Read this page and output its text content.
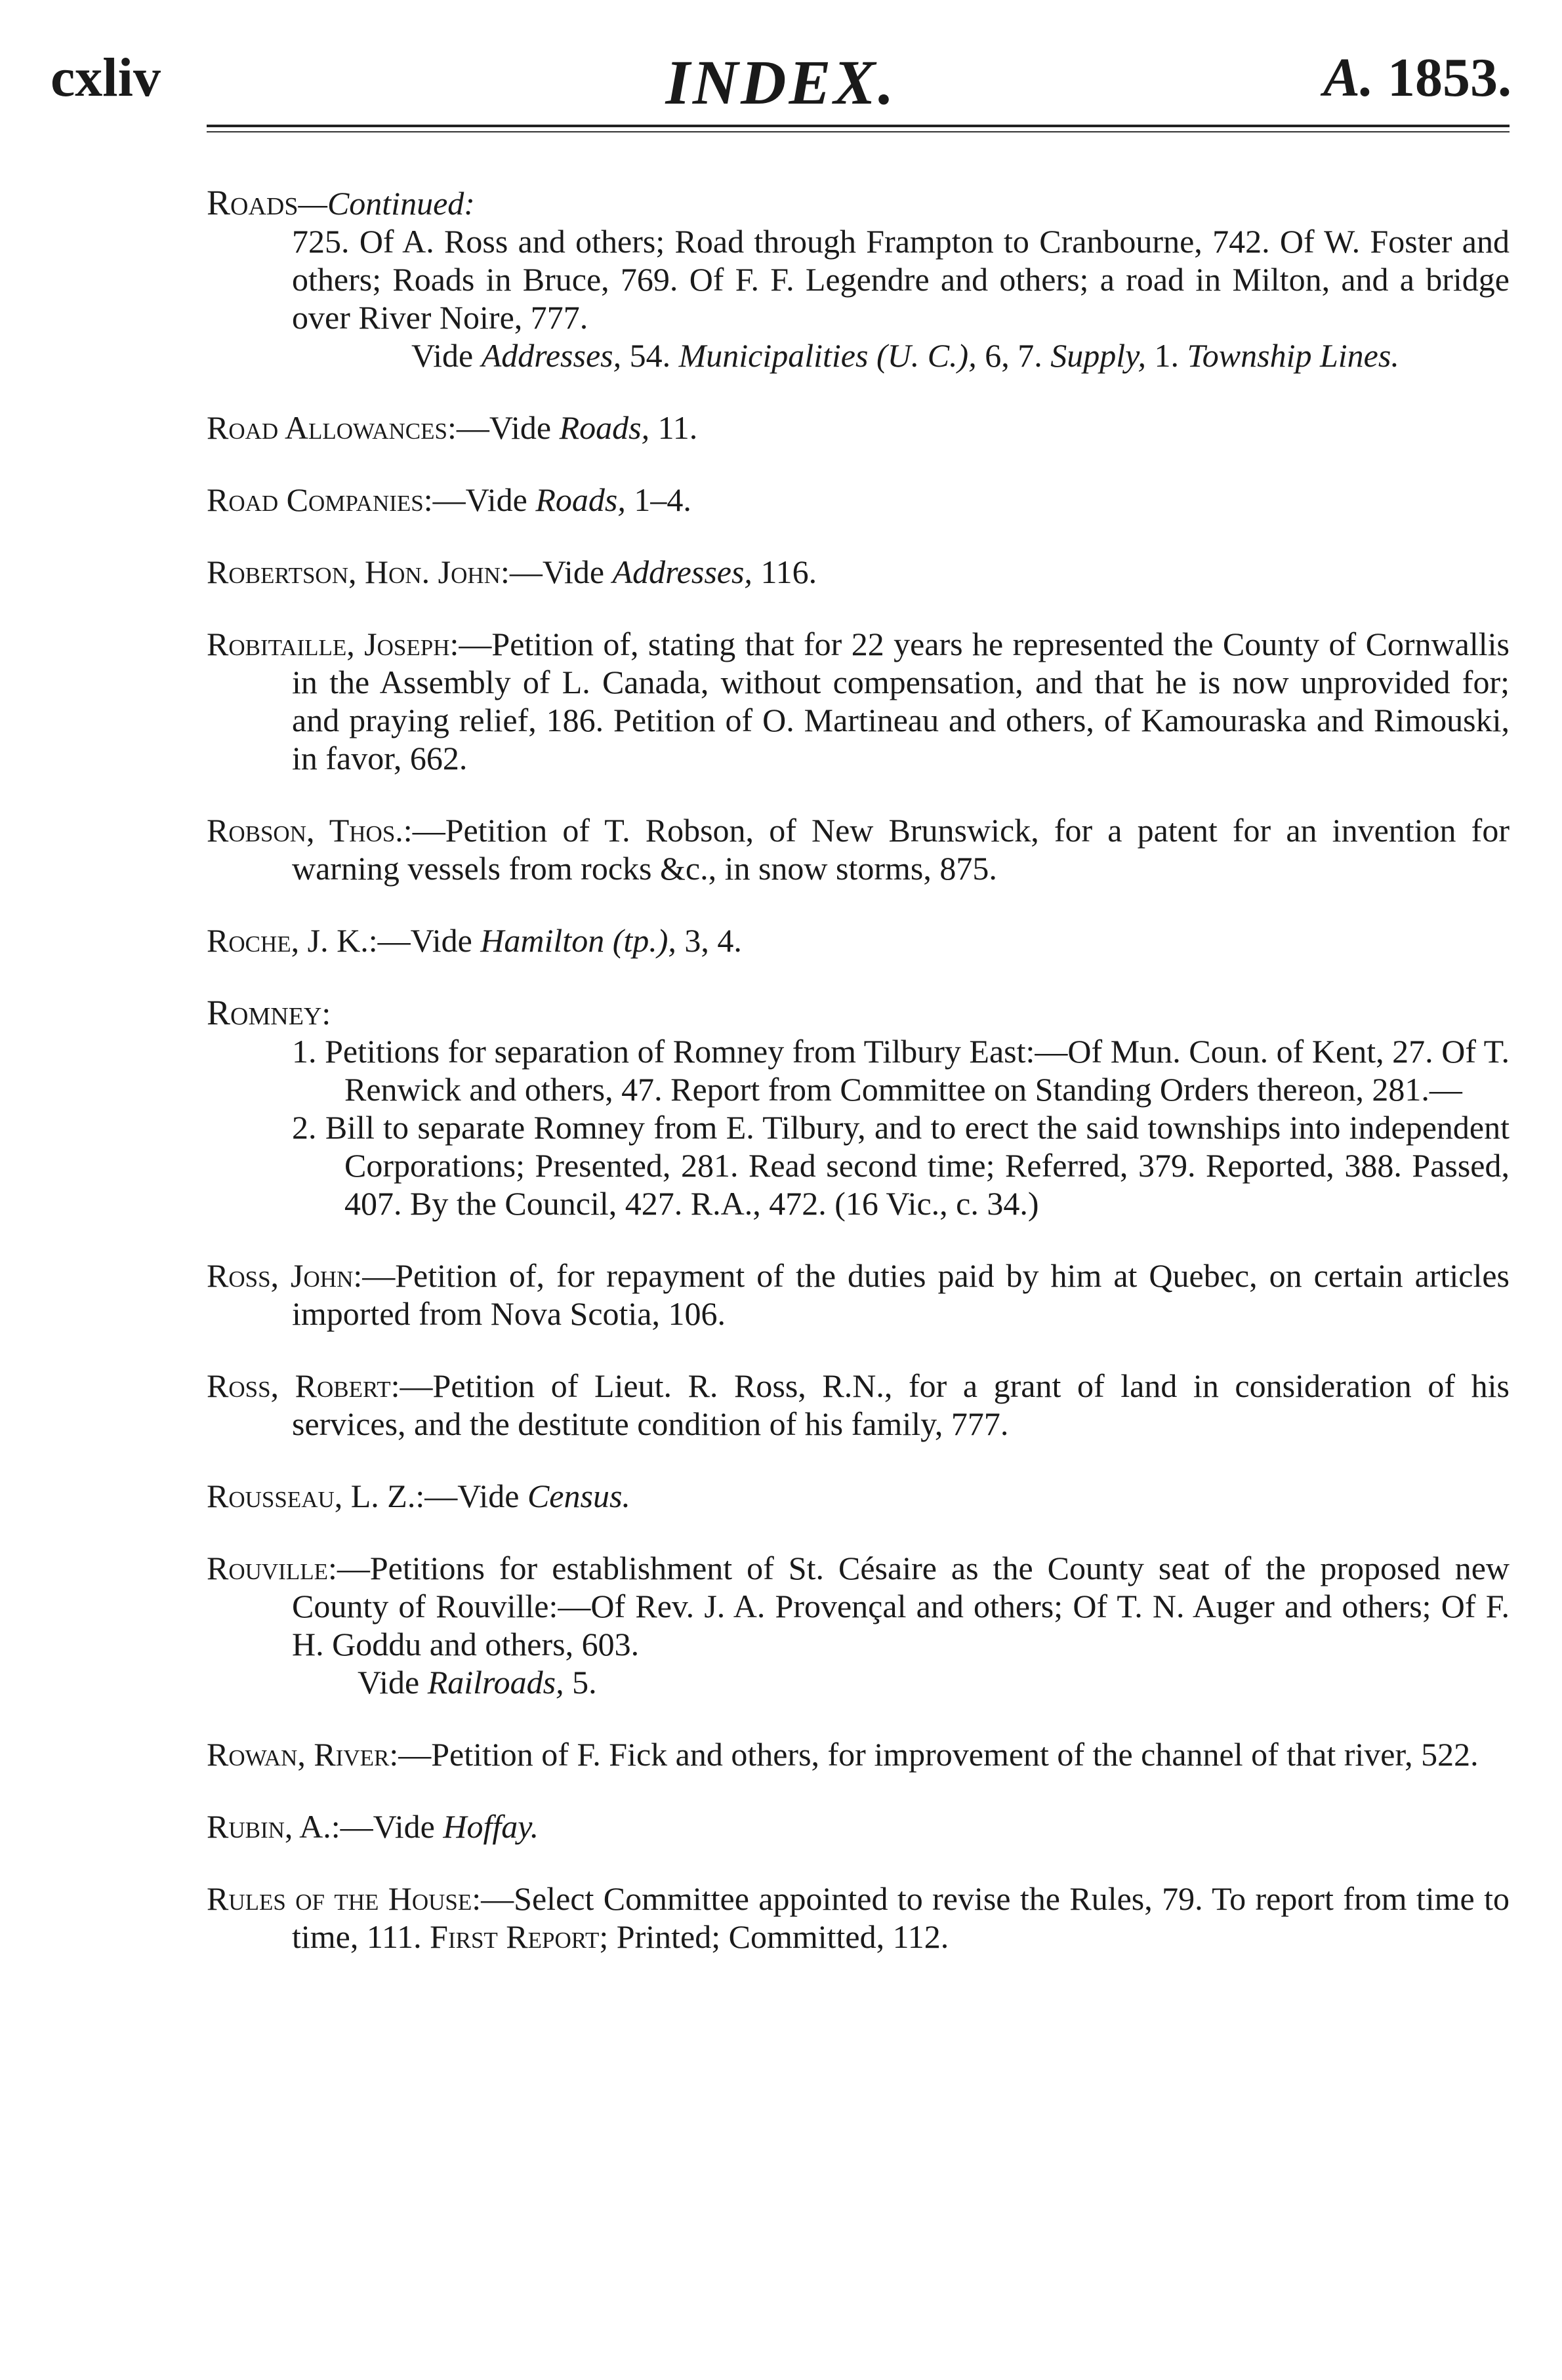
cxliv	INDEX.	A. 1853.
Roads—Continued:
725. Of A. Ross and others; Road through Frampton to Cranbourne, 742. Of W. Foster and others; Roads in Bruce, 769. Of F. F. Legendre and others; a road in Milton, and a bridge over River Noire, 777.
Vide Addresses, 54. Municipalities (U. C.), 6, 7. Supply, 1. Township Lines.
Road Allowances:—Vide Roads, 11.
Road Companies:—Vide Roads, 1–4.
Robertson, Hon. John:—Vide Addresses, 116.
Robitaille, Joseph:—Petition of, stating that for 22 years he represented the County of Cornwallis in the Assembly of L. Canada, without compensation, and that he is now unprovided for; and praying relief, 186. Petition of O. Martineau and others, of Kamouraska and Rimouski, in favor, 662.
Robson, Thos.:—Petition of T. Robson, of New Brunswick, for a patent for an invention for warning vessels from rocks &c., in snow storms, 875.
Roche, J. K.:—Vide Hamilton (tp.), 3, 4.
Romney:
1. Petitions for separation of Romney from Tilbury East:—Of Mun. Coun. of Kent, 27. Of T. Renwick and others, 47. Report from Committee on Standing Orders thereon, 281.—
2. Bill to separate Romney from E. Tilbury, and to erect the said townships into independent Corporations; Presented, 281. Read second time; Referred, 379. Reported, 388. Passed, 407. By the Council, 427. R.A., 472. (16 Vic., c. 34.)
Ross, John:—Petition of, for repayment of the duties paid by him at Quebec, on certain articles imported from Nova Scotia, 106.
Ross, Robert:—Petition of Lieut. R. Ross, R.N., for a grant of land in consideration of his services, and the destitute condition of his family, 777.
Rousseau, L. Z.:—Vide Census.
Rouville:—Petitions for establishment of St. Césaire as the County seat of the proposed new County of Rouville:—Of Rev. J. A. Provençal and others; Of T. N. Auger and others; Of F. H. Goddu and others, 603.
Vide Railroads, 5.
Rowan, River:—Petition of F. Fick and others, for improvement of the channel of that river, 522.
Rubin, A.:—Vide Hoffay.
Rules of the House:—Select Committee appointed to revise the Rules, 79. To report from time to time, 111. First Report; Printed; Committed, 112.
